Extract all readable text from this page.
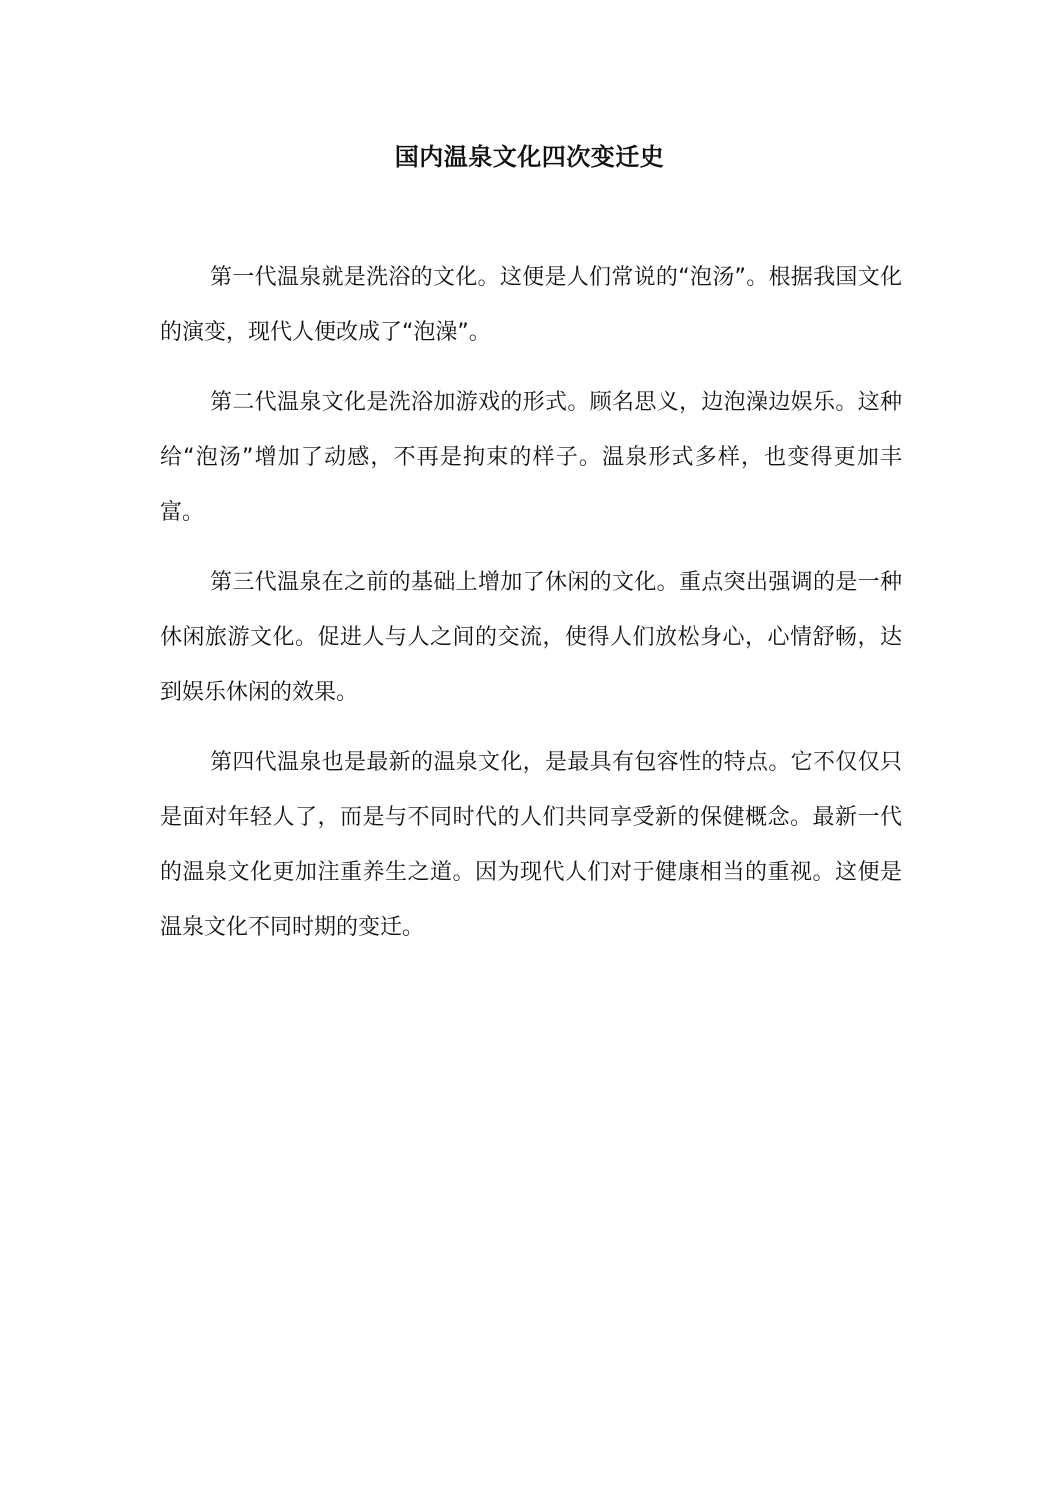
国内温泉文化四次变迁史

第一代温泉就是洗浴的文化。这便是人们常说的“泡汤”。根据我国文化的演变，现代人便改成了“泡澡”。

第二代温泉文化是洗浴加游戏的形式。顾名思义，边泡澡边娱乐。这种给“泡汤”增加了动感，不再是拘束的样子。温泉形式多样，也变得更加丰富。

第三代温泉在之前的基础上增加了休闲的文化。重点突出强调的是一种休闲旅游文化。促进人与人之间的交流，使得人们放松身心，心情舒畅，达到娱乐休闲的效果。

第四代温泉也是最新的温泉文化，是最具有包容性的特点。它不仅仅只是面对年轻人了，而是与不同时代的人们共同享受新的保健概念。最新一代的温泉文化更加注重养生之道。因为现代人们对于健康相当的重视。这便是温泉文化不同时期的变迁。
